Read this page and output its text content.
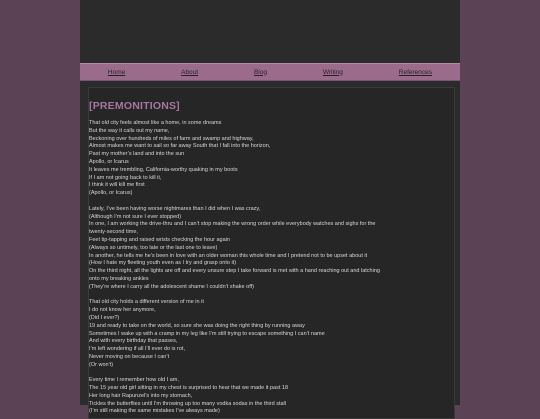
Home	About	Blog	Writing	References
[PREMONITIONS]
That old city feels almost like a home, in some dreams
But the way it calls out my name,
Beckoning over hundreds of miles of farm and swamp and highway,
Almost makes me want to sail so far away South that I fall into the horizon,
Past my mother’s land and into the sun
Apollo, or Icarus
It leaves me trembling, California-worthy quaking in my boots
If I am not going back to kill it,
I think it will kill me first
(Apollo, or Icarus)
Lately, I’ve been having worse nightmares than I did when I was crazy,
(Although I’m not sure I ever stopped)
In one, I am working the drive-thru and I can’t stop making the wrong order while everybody watches and sighs for the
twenty-second time,
Feet tip-tapping and raised wrists checking the hour again
(Always so untimely, too late or the last one to leave)
In another, he tells me he’s been in love with an older woman this whole time and I pretend not to be upset about it
(How I hate my fleeting youth even as I try and grasp onto it)
On the third night, all the lights are off and every unsure step I take forward is met with a hand reaching out and latching
onto my breaking ankles
(They’re where I carry all the adolescent shame I couldn’t shake off)
That old city holds a different version of me in it
I do not know her anymore,
(Did I ever?)
19 and ready to take on the world, so sure she was doing the right thing by running away
Sometimes I wake up with a cramp in my leg like I’m still trying to escape something I can’t name
And with every birthday that passes,
I’m left wondering if all I’ll ever do is rot,
Never moving on because I can’t
(Or won’t)
Every time I remember how old I am,
The 15 year old girl sitting in my chest is surprised to hear that we made it past 18
Her long hair Rapunzel’s into my stomach,
Tickles the butterflies until I’m throwing up too many vodka sodas in the third stall
(I’m still making the same mistakes I’ve always made)
